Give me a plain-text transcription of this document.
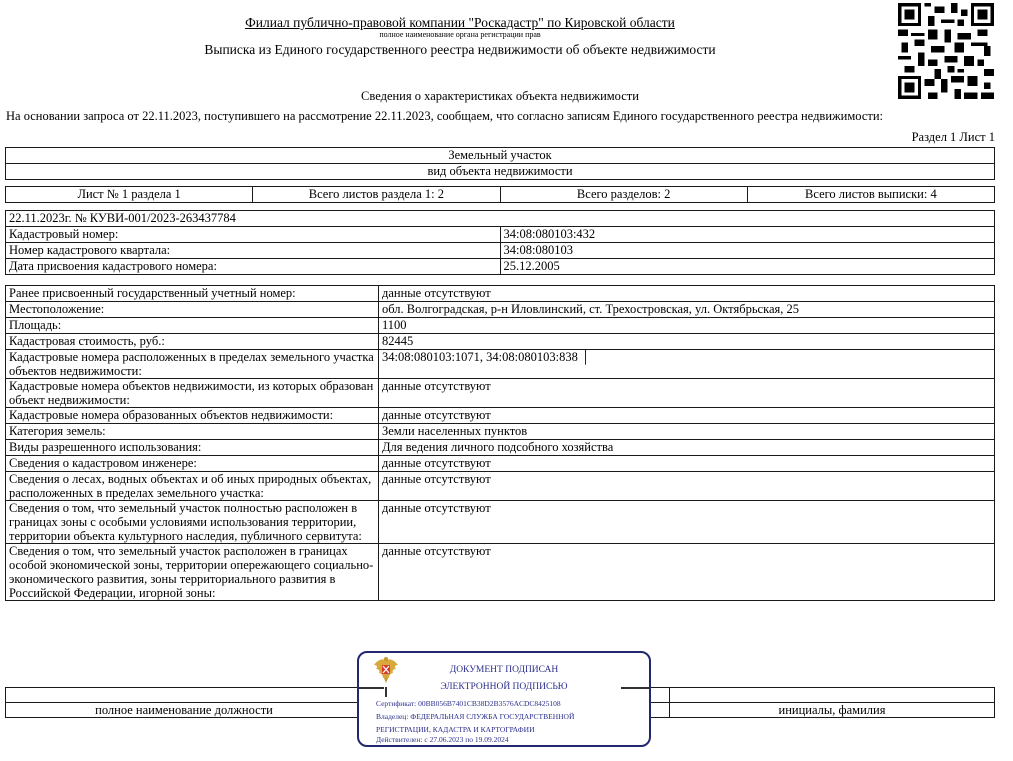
Филиал публично-правовой компании "Роскадастр" по Кировской области
полное наименование органа регистрации прав
Выписка из Единого государственного реестра недвижимости об объекте недвижимости
Сведения о характеристиках объекта недвижимости
На основании запроса от 22.11.2023, поступившего на рассмотрение 22.11.2023, сообщаем, что согласно записям Единого государственного реестра недвижимости:
Раздел 1 Лист 1
Земельный участок
вид объекта недвижимости
Лист № 1 раздела 1	Всего листов раздела 1: 2	Всего разделов: 2	Всего листов выписки: 4
22.11.2023г. № КУВИ-001/2023-263437784	
Кадастровый номер:	34:08:080103:432
Номер кадастрового квартала:	34:08:080103
Дата присвоения кадастрового номера:	25.12.2005
Ранее присвоенный государственный учетный номер:	данные отсутствуют
Местоположение:	обл. Волгоградская, р-н Иловлинский, ст. Трехостровская, ул. Октябрьская, 25
Площадь:	1100
Кадастровая стоимость, руб.:	82445
Кадастровые номера расположенных в пределах земельного участка объектов недвижимости:	34:08:080103:1071, 34:08:080103:838 │
Кадастровые номера объектов недвижимости, из которых образован объект недвижимости:	данные отсутствуют
Кадастровые номера образованных объектов недвижимости:	данные отсутствуют
Категория земель:	Земли населенных пунктов
Виды разрешенного использования:	Для ведения личного подсобного хозяйства
Сведения о кадастровом инженере:	данные отсутствуют
Сведения о лесах, водных объектах и об иных природных объектах, расположенных в пределах земельного участка:	данные отсутствуют
Сведения о том, что земельный участок полностью расположен в границах зоны с особыми условиями использования территории, территории объекта культурного наследия, публичного сервитута:	данные отсутствуют
Сведения о том, что земельный участок расположен в границах особой экономической зоны, территории опережающего социально-экономического развития, зоны территориального развития в Российской Федерации, игорной зоны:	данные отсутствуют

полное наименование должности		инициалы, фамилия
ДОКУМЕНТ ПОДПИСАН
ЭЛЕКТРОННОЙ ПОДПИСЬЮ
Сертификат: 00BB056B7401CB38D2B3576ACDC8425108
Владелец: ФЕДЕРАЛЬНАЯ СЛУЖБА ГОСУДАРСТВЕННОЙ
РЕГИСТРАЦИИ, КАДАСТРА И КАРТОГРАФИИ
Действителен: с 27.06.2023 по 19.09.2024
